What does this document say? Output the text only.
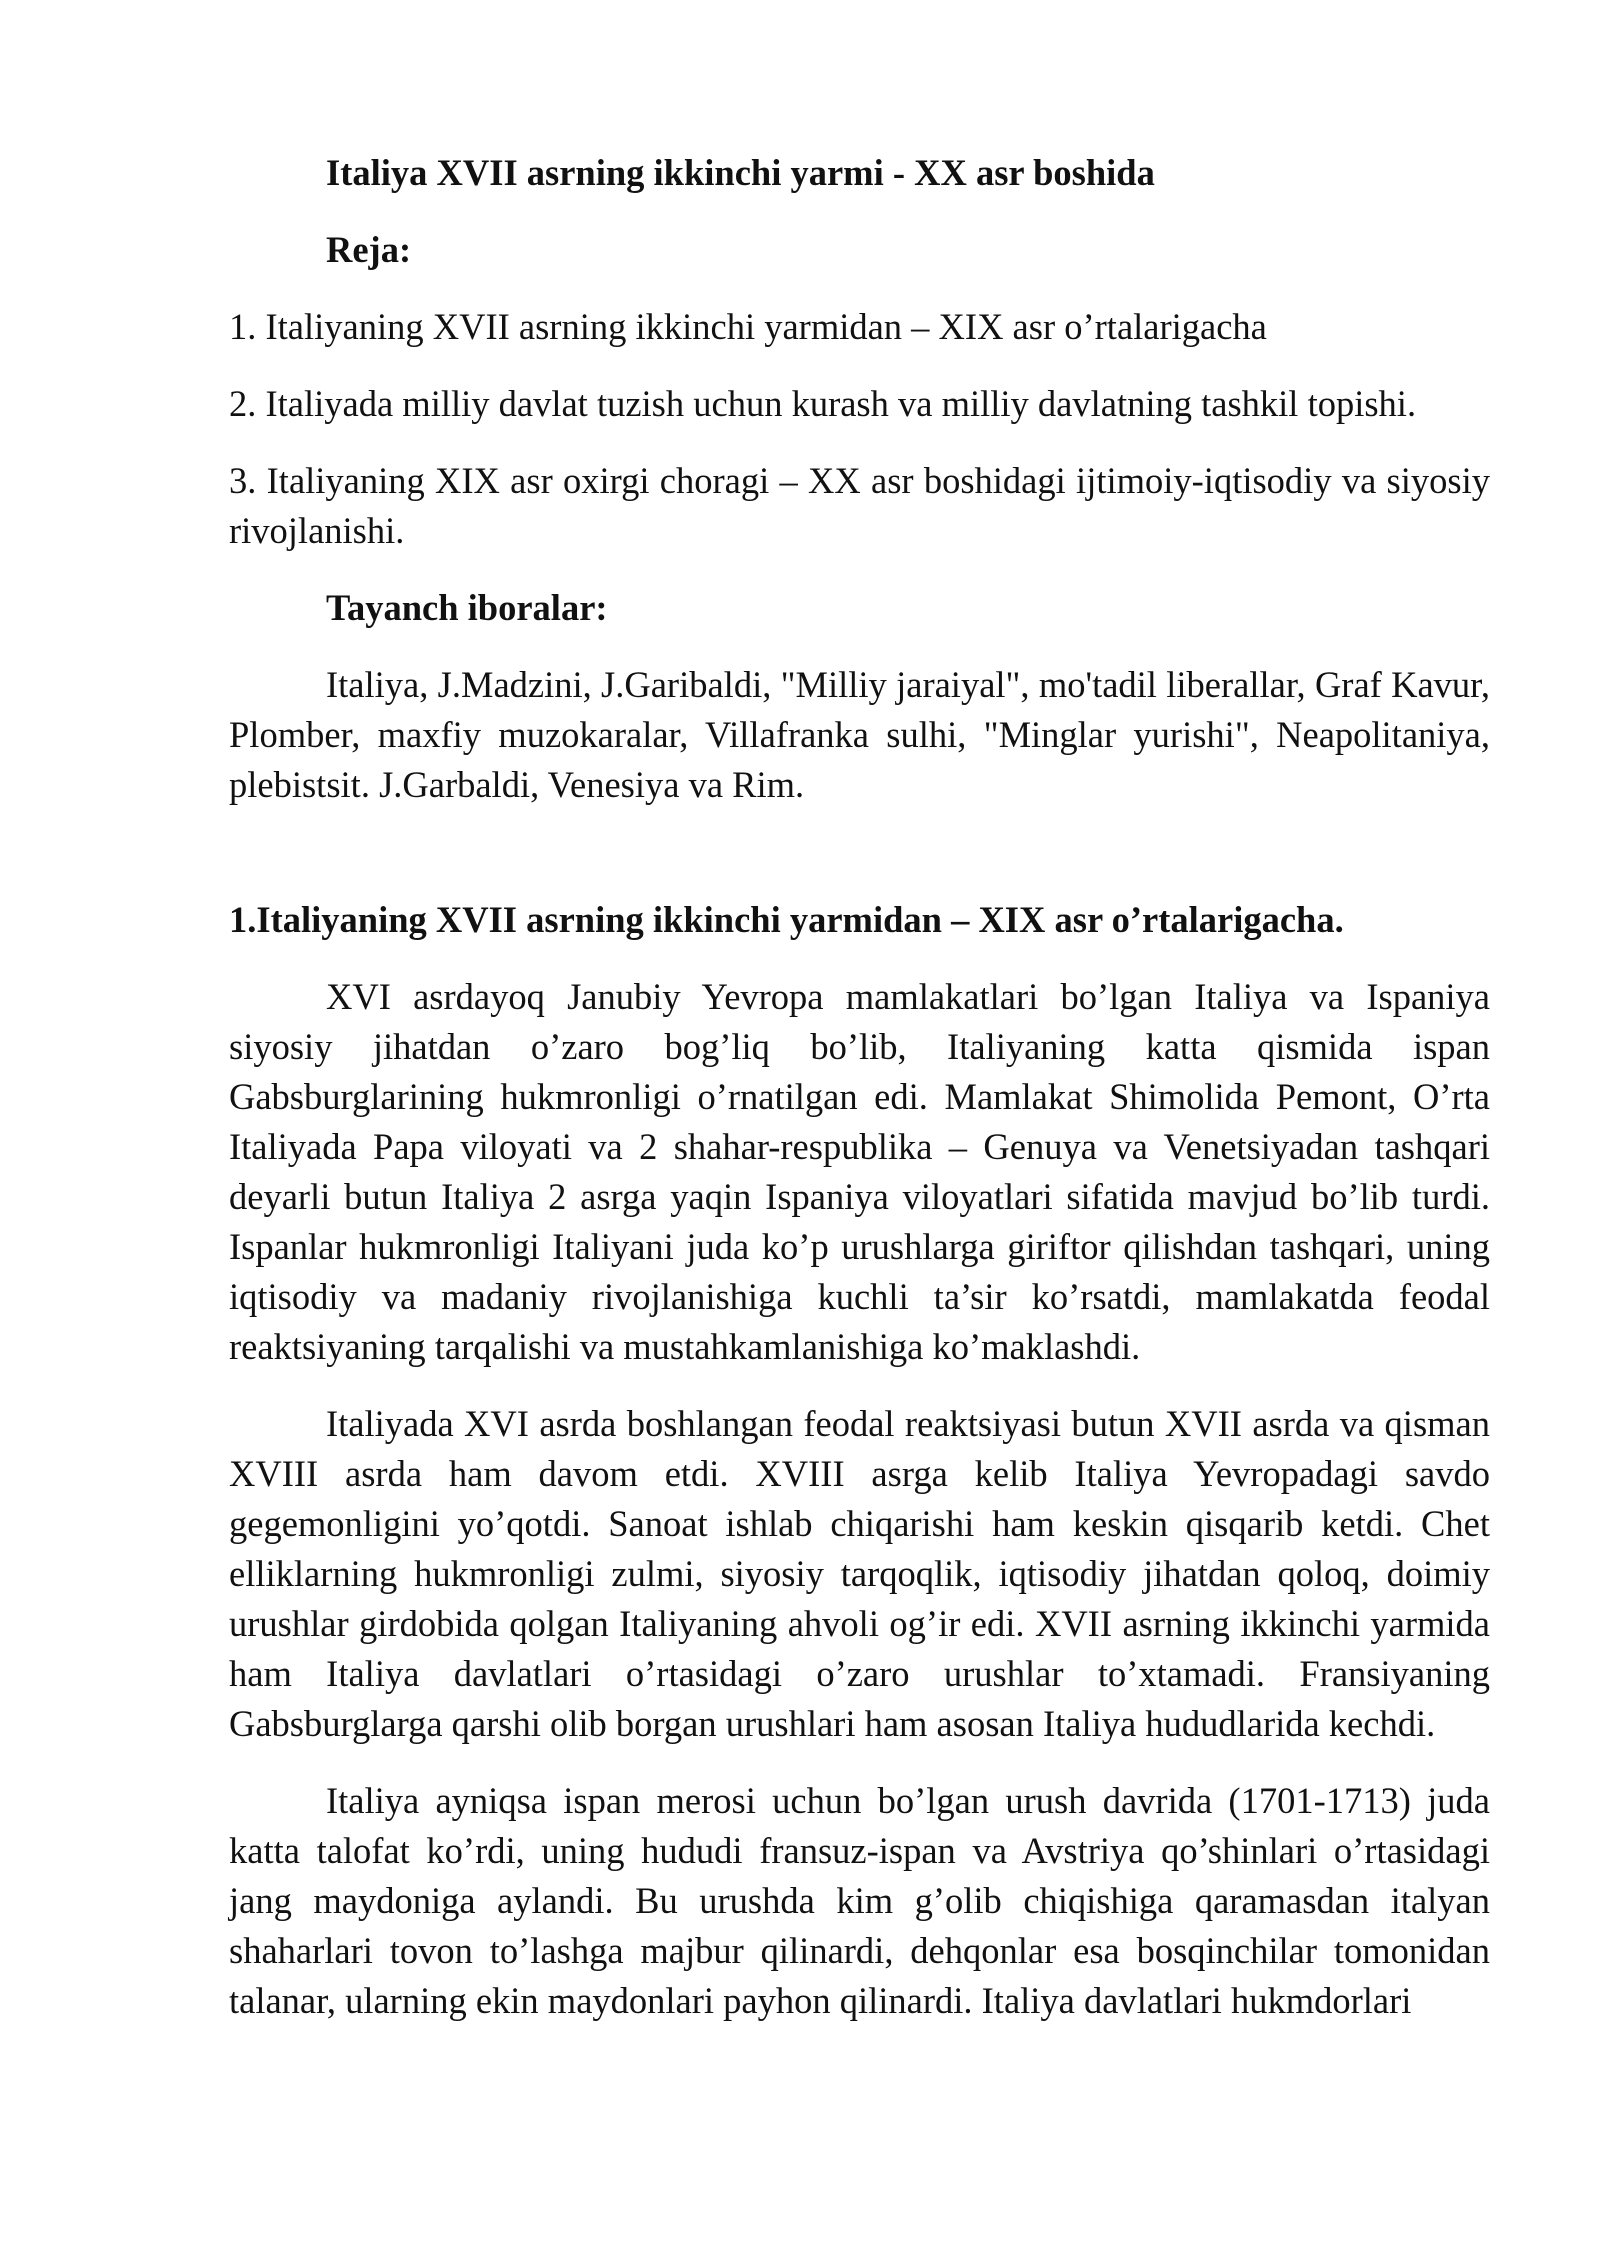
Italiya XVII asrning ikkinchi yarmi - XX asr boshida

Reja:

1. Italiyaning XVII asrning ikkinchi yarmidan – XIX asr o’rtalarigacha

2. Italiyada milliy davlat tuzish uchun kurash va milliy davlatning tashkil topishi.

3. Italiyaning XIX asr oxirgi choragi – XX asr boshidagi ijtimoiy-iqtisodiy va siyosiy rivojlanishi.

Tayanch iboralar:

Italiya, J.Madzini, J.Garibaldi, "Milliy jaraiyal", mo'tadil liberallar, Graf Kavur, Plomber, maxfiy muzokaralar, Villafranka sulhi, "Minglar yurishi", Neapolitaniya, plebistsit. J.Garbaldi, Venesiya va Rim.

1.Italiyaning XVII asrning ikkinchi yarmidan – XIX asr o’rtalarigacha.

XVI asrdayoq Janubiy Yevropa mamlakatlari bo’lgan Italiya va Ispaniya siyosiy jihatdan o’zaro bog’liq bo’lib, Italiyaning katta qismida ispan Gabsburglarining hukmronligi o’rnatilgan edi. Mamlakat Shimolida Pemont, O’rta Italiyada Papa viloyati va 2 shahar-respublika – Genuya va Venetsiyadan tashqari deyarli butun Italiya 2 asrga yaqin Ispaniya viloyatlari sifatida mavjud bo’lib turdi. Ispanlar hukmronligi Italiyani juda ko’p urushlarga giriftor qilishdan tashqari, uning iqtisodiy va madaniy rivojlanishiga kuchli ta’sir ko’rsatdi, mamlakatda feodal reaktsiyaning tarqalishi va mustahkamlanishiga ko’maklashdi.

Italiyada XVI asrda boshlangan feodal reaktsiyasi butun XVII asrda va qisman XVIII asrda ham davom etdi. XVIII asrga kelib Italiya Yevropadagi savdo gegemonligini yo’qotdi. Sanoat ishlab chiqarishi ham keskin qisqarib ketdi. Chet elliklarning hukmronligi zulmi, siyosiy tarqoqlik, iqtisodiy jihatdan qoloq, doimiy urushlar girdobida qolgan Italiyaning ahvoli og’ir edi. XVII asrning ikkinchi yarmida ham Italiya davlatlari o’rtasidagi o’zaro urushlar to’xtamadi. Fransiyaning Gabsburglarga qarshi olib borgan urushlari ham asosan Italiya hududlarida kechdi.

Italiya ayniqsa ispan merosi uchun bo’lgan urush davrida (1701-1713) juda katta talofat ko’rdi, uning hududi fransuz-ispan va Avstriya qo’shinlari o’rtasidagi jang maydoniga aylandi. Bu urushda kim g’olib chiqishiga qaramasdan italyan shaharlari tovon to’lashga majbur qilinardi, dehqonlar esa bosqinchilar tomonidan talanar, ularning ekin maydonlari payhon qilinardi. Italiya davlatlari hukmdorlari
